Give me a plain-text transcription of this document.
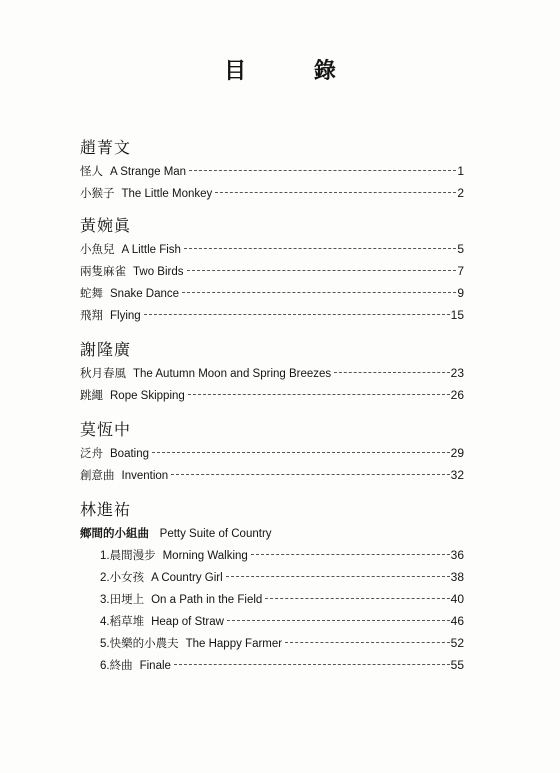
目 錄
趙菁文
怪人 A Strange Man	1
小猴子 The Little Monkey	2
黃婉眞
小魚兒 A Little Fish	5
兩隻麻雀 Two Birds	7
蛇舞 Snake Dance	9
飛翔 Flying	15
謝隆廣
秋月春風 The Autumn Moon and Spring Breezes	23
跳繩 Rope Skipping	26
莫恆中
泛舟 Boating	29
創意曲 Invention	32
林進祐
鄉間的小組曲 Petty Suite of Country
1. 晨間漫步 Morning Walking	36
2. 小女孩 A Country Girl	38
3. 田埂上 On a Path in the Field	40
4. 稻草堆 Heap of Straw	46
5. 快樂的小農夫 The Happy Farmer	52
6. 終曲 Finale	55
